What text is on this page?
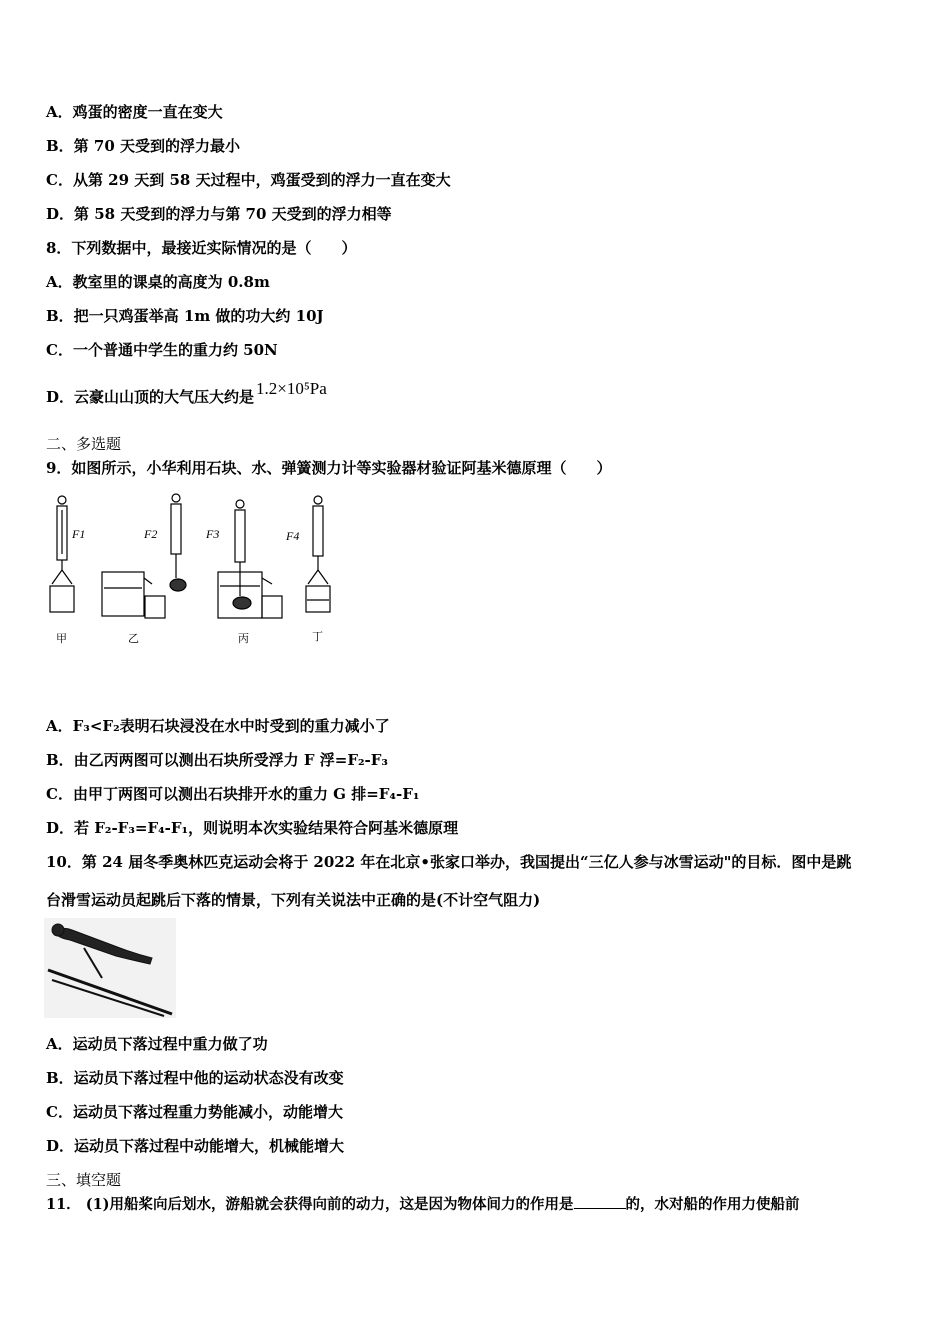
A．鸡蛋的密度一直在变大
B．第 70 天受到的浮力最小
C．从第 29 天到 58 天过程中，鸡蛋受到的浮力一直在变大
D．第 58 天受到的浮力与第 70 天受到的浮力相等
8．下列数据中，最接近实际情况的是（　　）
A．教室里的课桌的高度为 0.8m
B．把一只鸡蛋举高 1m 做的功大约 10J
C．一个普通中学生的重力约 50N
D．云豪山山顶的大气压大约是 1.2×10⁵Pa
二、多选题
9．如图所示，小华利用石块、水、弹簧测力计等实验器材验证阿基米德原理（　　）
F1	F2	F3	F4
甲	乙	丙	丁
A．F₃<F₂表明石块浸没在水中时受到的重力减小了
B．由乙丙两图可以测出石块所受浮力 F 浮=F₂-F₃
C．由甲丁两图可以测出石块排开水的重力 G 排=F₄-F₁
D．若 F₂-F₃=F₄-F₁，则说明本次实验结果符合阿基米德原理
10．第 24 届冬季奥林匹克运动会将于 2022 年在北京•张家口举办，我国提出“三亿人参与冰雪运动"的目标．图中是跳
台滑雪运动员起跳后下落的情景，下列有关说法中正确的是(不计空气阻力)
A．运动员下落过程中重力做了功
B．运动员下落过程中他的运动状态没有改变
C．运动员下落过程重力势能减小，动能增大
D．运动员下落过程中动能增大，机械能增大
三、填空题
11． (1)用船桨向后划水，游船就会获得向前的动力，这是因为物体间力的作用是	的，水对船的作用力使船前
